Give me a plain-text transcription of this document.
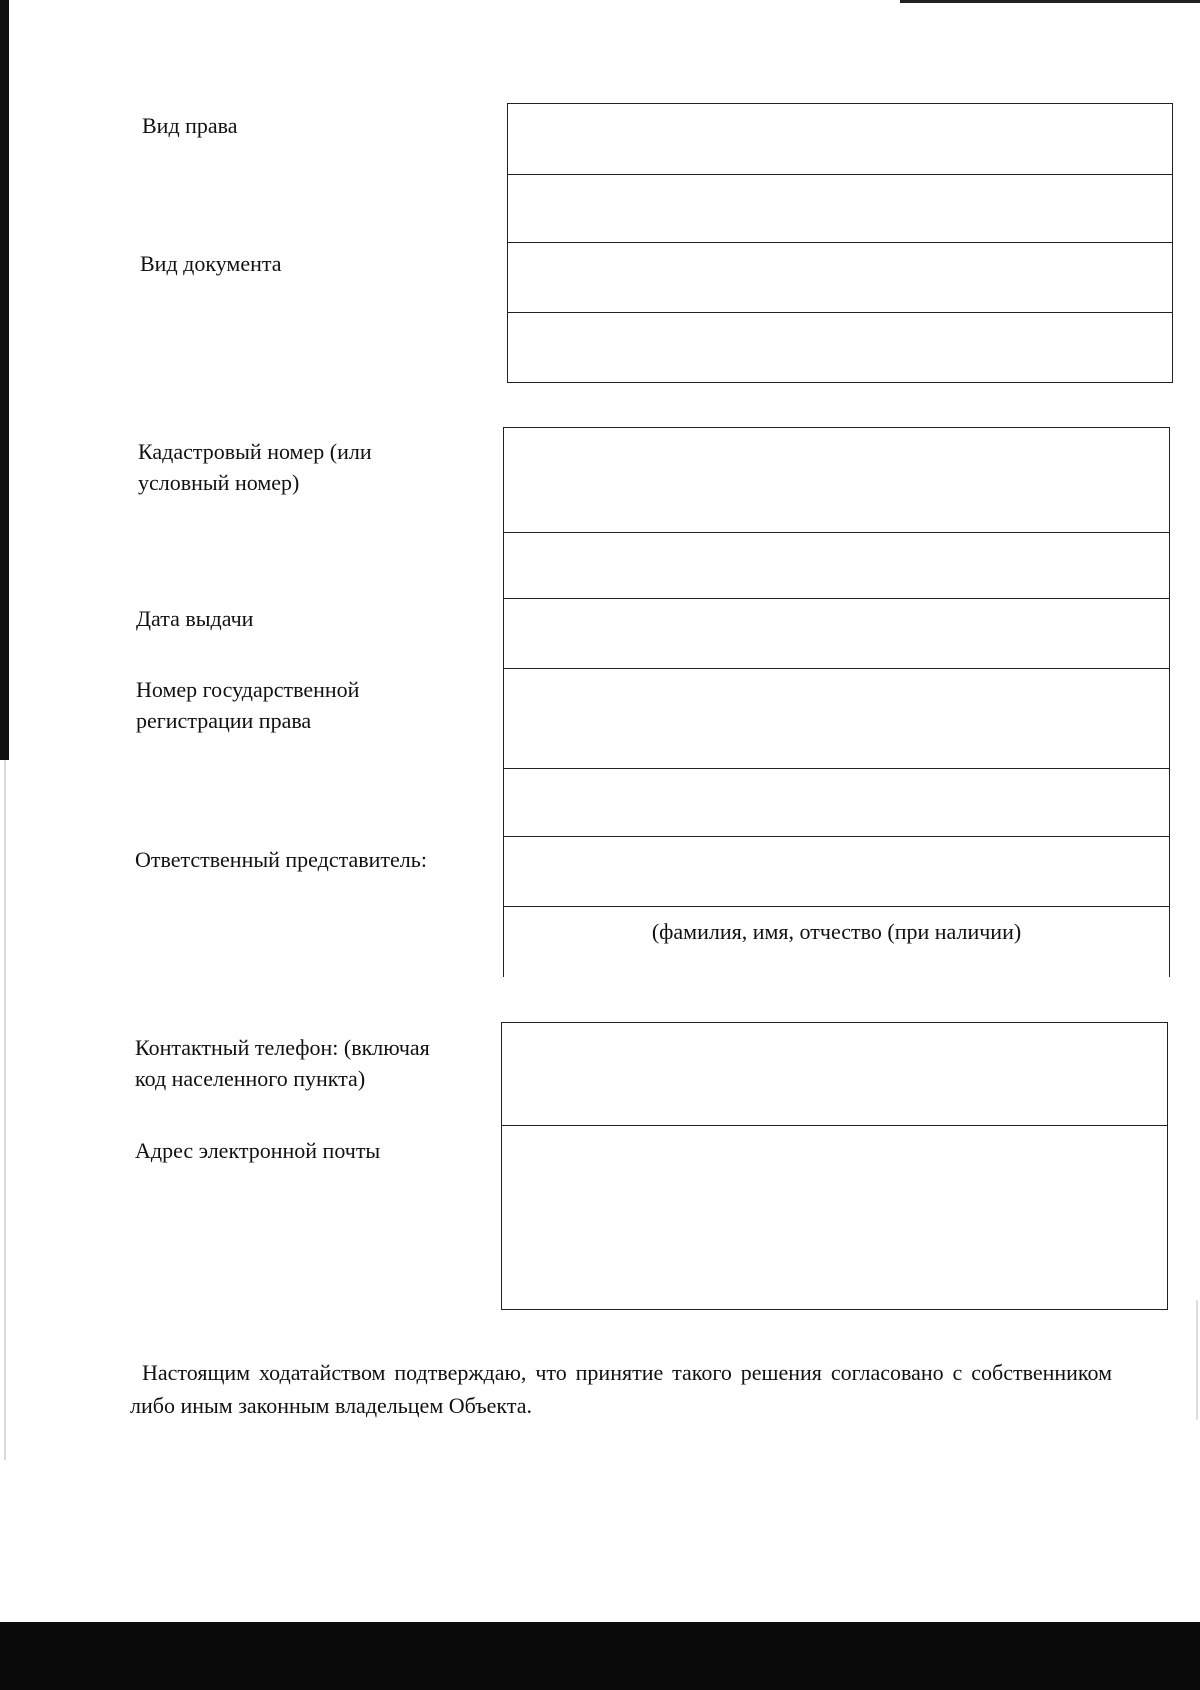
Вид права
Вид документа
Кадастровый номер (или
условный номер)
Дата выдачи
Номер государственной
регистрации права
Ответственный представитель:
(фамилия, имя, отчество (при наличии)
Контактный телефон: (включая
код населенного пункта)
Адрес электронной почты
Настоящим ходатайством подтверждаю, что принятие такого решения согласовано с собственником либо иным законным владельцем Объекта.
